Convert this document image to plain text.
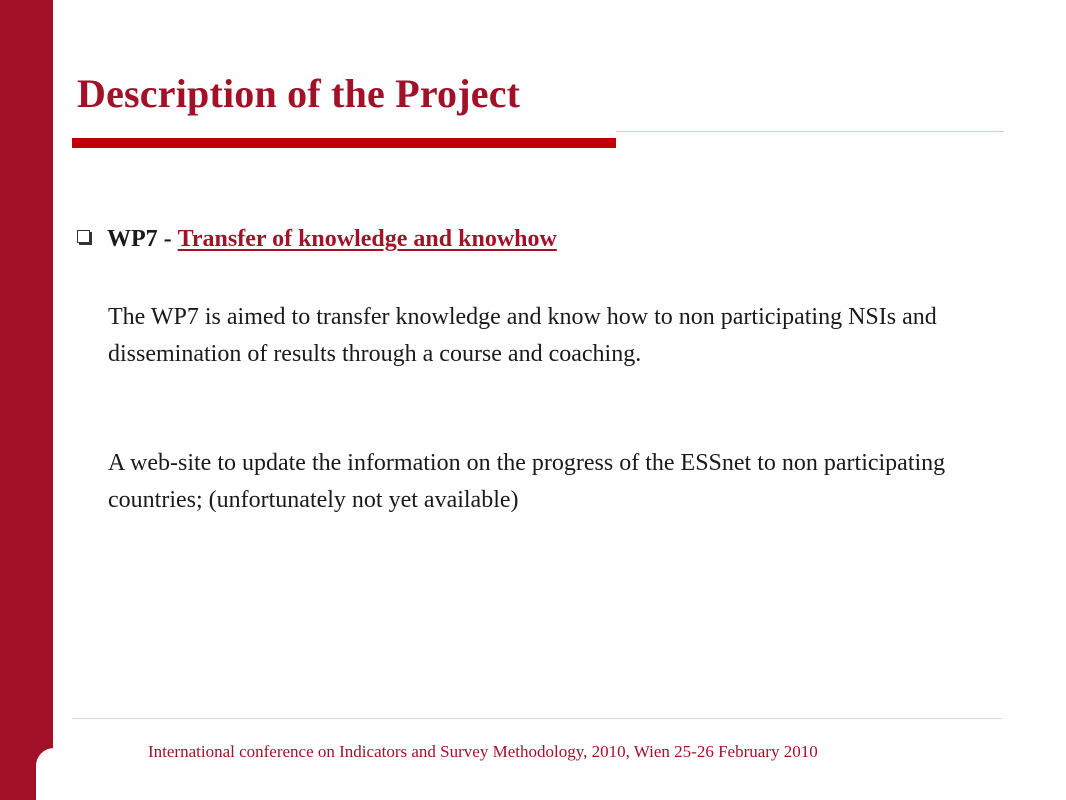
Description of the Project
WP7 - Transfer of knowledge and knowhow

The WP7 is aimed to transfer knowledge and know how to non participating NSIs and dissemination of results through a course and coaching.

A web-site to update the information on the progress of the ESSnet to non participating countries; (unfortunately not yet available)

International conference on Indicators and Survey Methodology, 2010, Wien 25-26 February 2010
